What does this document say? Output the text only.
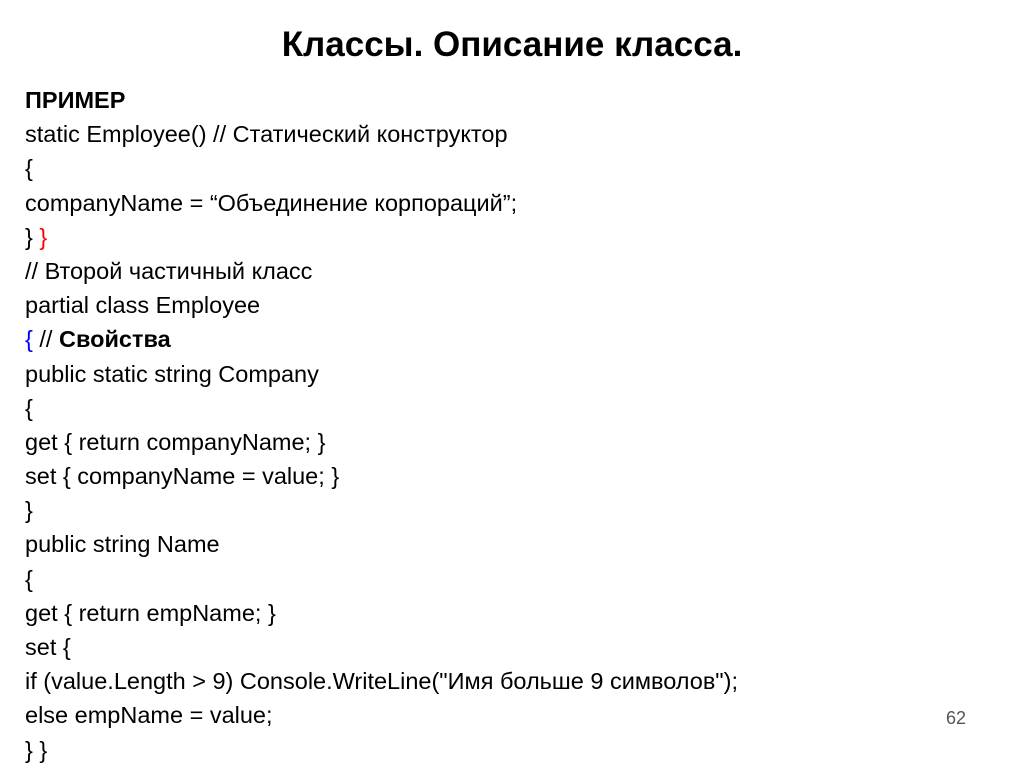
Классы. Описание класса.
ПРИМЕР
static Employee() // Статический конструктор
{
companyName = “Объединение корпораций”;
} }
// Второй частичный класс
partial class Employee
{ // Свойства
public static string Company
{
get { return companyName; }
set { companyName = value; }
}
public string Name
{
get { return empName; }
set {
if (value.Length > 9) Console.WriteLine("Имя больше 9 символов");
else empName = value;
} }
62
